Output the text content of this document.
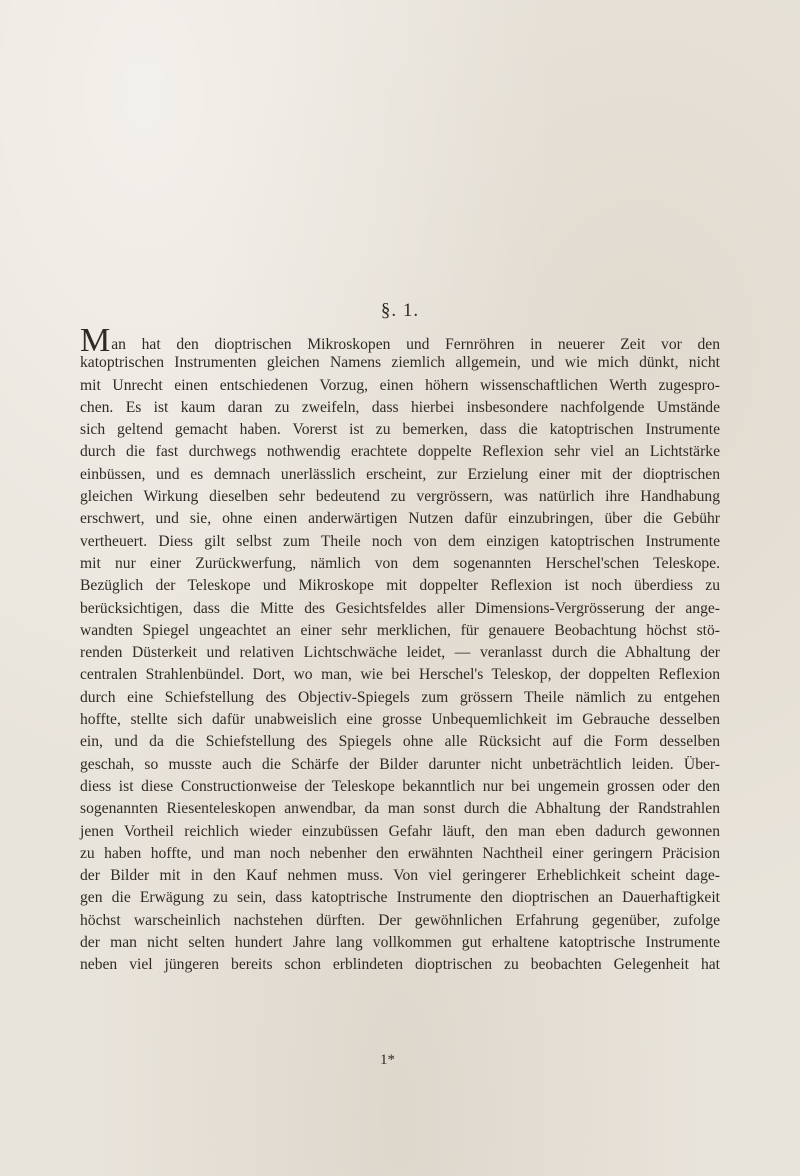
§. 1.
Man hat den dioptrischen Mikroskopen und Fernröhren in neuerer Zeit vor den
katoptrischen Instrumenten gleichen Namens ziemlich allgemein, und wie mich dünkt, nicht
mit Unrecht einen entschiedenen Vorzug, einen höhern wissenschaftlichen Werth zugespro-
chen. Es ist kaum daran zu zweifeln, dass hierbei insbesondere nachfolgende Umstände
sich geltend gemacht haben. Vorerst ist zu bemerken, dass die katoptrischen Instrumente
durch die fast durchwegs nothwendig erachtete doppelte Reflexion sehr viel an Lichtstärke
einbüssen, und es demnach unerlässlich erscheint, zur Erzielung einer mit der dioptrischen
gleichen Wirkung dieselben sehr bedeutend zu vergrössern, was natürlich ihre Handhabung
erschwert, und sie, ohne einen anderwärtigen Nutzen dafür einzubringen, über die Gebühr
vertheuert. Diess gilt selbst zum Theile noch von dem einzigen katoptrischen Instrumente
mit nur einer Zurückwerfung, nämlich von dem sogenannten Herschel'schen Teleskope.
Bezüglich der Teleskope und Mikroskope mit doppelter Reflexion ist noch überdiess zu
berücksichtigen, dass die Mitte des Gesichtsfeldes aller Dimensions-Vergrösserung der ange-
wandten Spiegel ungeachtet an einer sehr merklichen, für genauere Beobachtung höchst stö-
renden Düsterkeit und relativen Lichtschwäche leidet, — veranlasst durch die Abhaltung der
centralen Strahlenbündel. Dort, wo man, wie bei Herschel's Teleskop, der doppelten Reflexion
durch eine Schiefstellung des Objectiv-Spiegels zum grössern Theile nämlich zu entgehen
hoffte, stellte sich dafür unabweislich eine grosse Unbequemlichkeit im Gebrauche desselben
ein, und da die Schiefstellung des Spiegels ohne alle Rücksicht auf die Form desselben
geschah, so musste auch die Schärfe der Bilder darunter nicht unbeträchtlich leiden. Über-
diess ist diese Constructionweise der Teleskope bekanntlich nur bei ungemein grossen oder den
sogenannten Riesenteleskopen anwendbar, da man sonst durch die Abhaltung der Randstrahlen
jenen Vortheil reichlich wieder einzubüssen Gefahr läuft, den man eben dadurch gewonnen
zu haben hoffte, und man noch nebenher den erwähnten Nachtheil einer geringern Präcision
der Bilder mit in den Kauf nehmen muss. Von viel geringerer Erheblichkeit scheint dage-
gen die Erwägung zu sein, dass katoptrische Instrumente den dioptrischen an Dauerhaftigkeit
höchst warscheinlich nachstehen dürften. Der gewöhnlichen Erfahrung gegenüber, zufolge
der man nicht selten hundert Jahre lang vollkommen gut erhaltene katoptrische Instrumente
neben viel jüngeren bereits schon erblindeten dioptrischen zu beobachten Gelegenheit hat
1*
